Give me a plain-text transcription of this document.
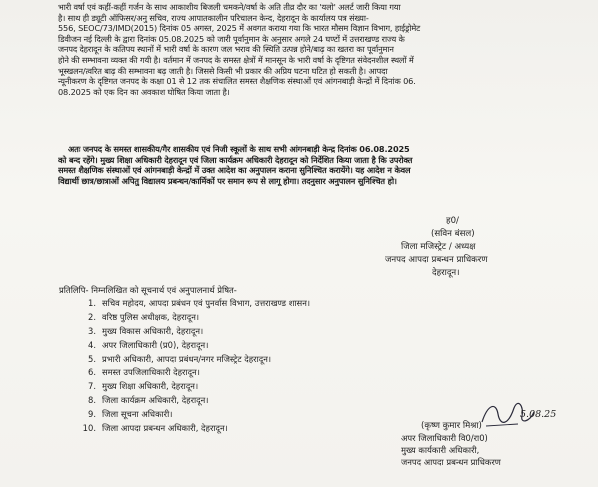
भारी वर्षा एवं कहीं-कहीं गर्जन के साथ आकाशीय बिजली चमकने/वर्षा के अति तीव्र दौर का 'यलो' अलर्ट जारी किया गया
है। साथ ही ड्यूटी ऑफिसर/अनु सचिव, राज्य आपातकालीन परिचालन केन्द, देहरादून के कार्यालय पत्र संख्या-
556, SEOC/73/IMD(2015) दिनांक 05 अगस्त, 2025 में अवगत कराया गया कि भारत मौसम विज्ञान विभाग, हाईड्रोमेट
डिवीजन नई दिल्ली के द्वारा दिनांक 05.08.2025 को जारी पूर्वानुमान के अनुसार अगले 24 घण्टों में उत्तराखण्ड राज्य के
जनपद देहरादून के कतिपय स्थानों में भारी वर्षा के कारण जल भराव की स्थिति उत्पन्न होने/बाढ़ का खतरा का पूर्वानुमान
होने की सम्भावना व्यक्त की गयी है। वर्तमान में जनपद के समस्त क्षेत्रों में मानसून के भारी वर्षा के दृष्टिगत संवेदनशील स्थलों में
भूस्खलन/त्वरित बाढ़ की सम्भावना बढ़ जाती है। जिससे किसी भी प्रकार की अप्रिय घटना घटित हो सकती है। आपदा
न्यूनीकरण के दृष्टिगत जनपद के कक्षा 01 से 12 तक संचालित समस्त शैक्षणिक संस्थाओं एवं आंगनबाड़ी केन्द्रों में दिनांक 06.
08.2025 को एक दिन का अवकाश घोषित किया जाता है।
अतः जनपद के समस्त शासकीय/गैर शासकीय एवं निजी स्कूलों के साथ सभी आंगनबाड़ी केन्द्र दिनांक 06.08.2025
को बन्द रहेंगे। मुख्य शिक्षा अधिकारी देहरादून एवं जिला कार्यक्रम अधिकारी देहरादून को निर्देशित किया जाता है कि उपरोक्त
समस्त शैक्षणिक संस्थाओं एवं आंगनबाड़ी केन्द्रों में उक्त आदेश का अनुपालन कराना सुनिश्चित करायेंगे। यह आदेश न केवल
विद्यार्थी छात्र/छात्राओं अपितु विद्यालय प्रबन्धन/कार्मिकों पर समान रूप से लागू होगा। तदनुसार अनुपालन सुनिश्चित हो।
ह0/
(सविन बंसल)
जिला मजिस्ट्रेट / अध्यक्ष
जनपद आपदा प्रबन्धन प्राधिकरण
देहरादून।
प्रतिलिपि- निम्नलिखित को सूचनार्थ एवं अनुपालनार्थ प्रेषित-
1. सचिव महोदय, आपदा प्रबंधन एवं पुनर्वास विभाग, उत्तराखण्ड शासन।
2. वरिष्ठ पुलिस अधीक्षक, देहरादून।
3. मुख्य विकास अधिकारी, देहरादून।
4. अपर जिलाधिकारी (प्र0), देहरादून।
5. प्रभारी अधिकारी, आपदा प्रबंधन/नगर मजिस्ट्रेट देहरादून।
6. समस्त उपजिलाधिकारी देहरादून।
7. मुख्य शिक्षा अधिकारी, देहरादून।
8. जिला कार्यक्रम अधिकारी, देहरादून।
9. जिला सूचना अधिकारी।
10. जिला आपदा प्रबन्धन अधिकारी, देहरादून।
5.08.25
(कृष्ण कुमार मिश्रा)
अपर जिलाधिकारी वि0/रा0)
मुख्य कार्यकारी अधिकारी,
जनपद आपदा प्रबन्धन प्राधिकरण
